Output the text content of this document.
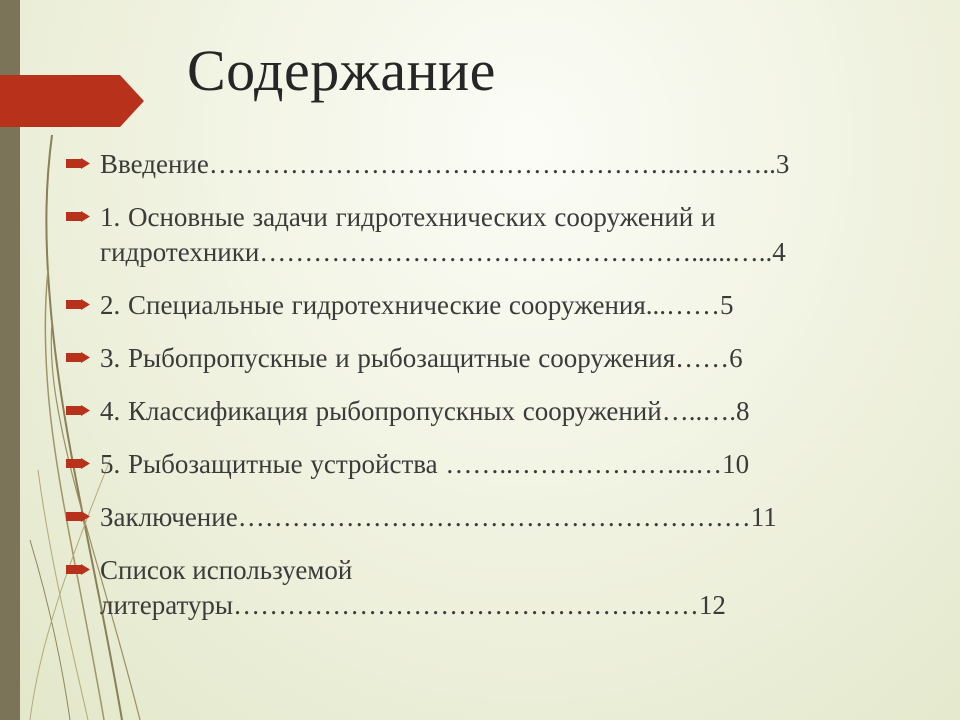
Содержание
Введение……………………………………………..………..3
1. Основные задачи гидротехнических сооружений и гидротехники…………………………………………......…..4
2. Специальные гидротехнические сооружения...……5
3. Рыбопропускные и рыбозащитные сооружения……6
4. Классификация рыбопропускных сооружений…..….8
5. Рыбозащитные устройства ……..………………...…10
Заключение…………………………………………………11
Список используемой литературы……………………………………….……12
